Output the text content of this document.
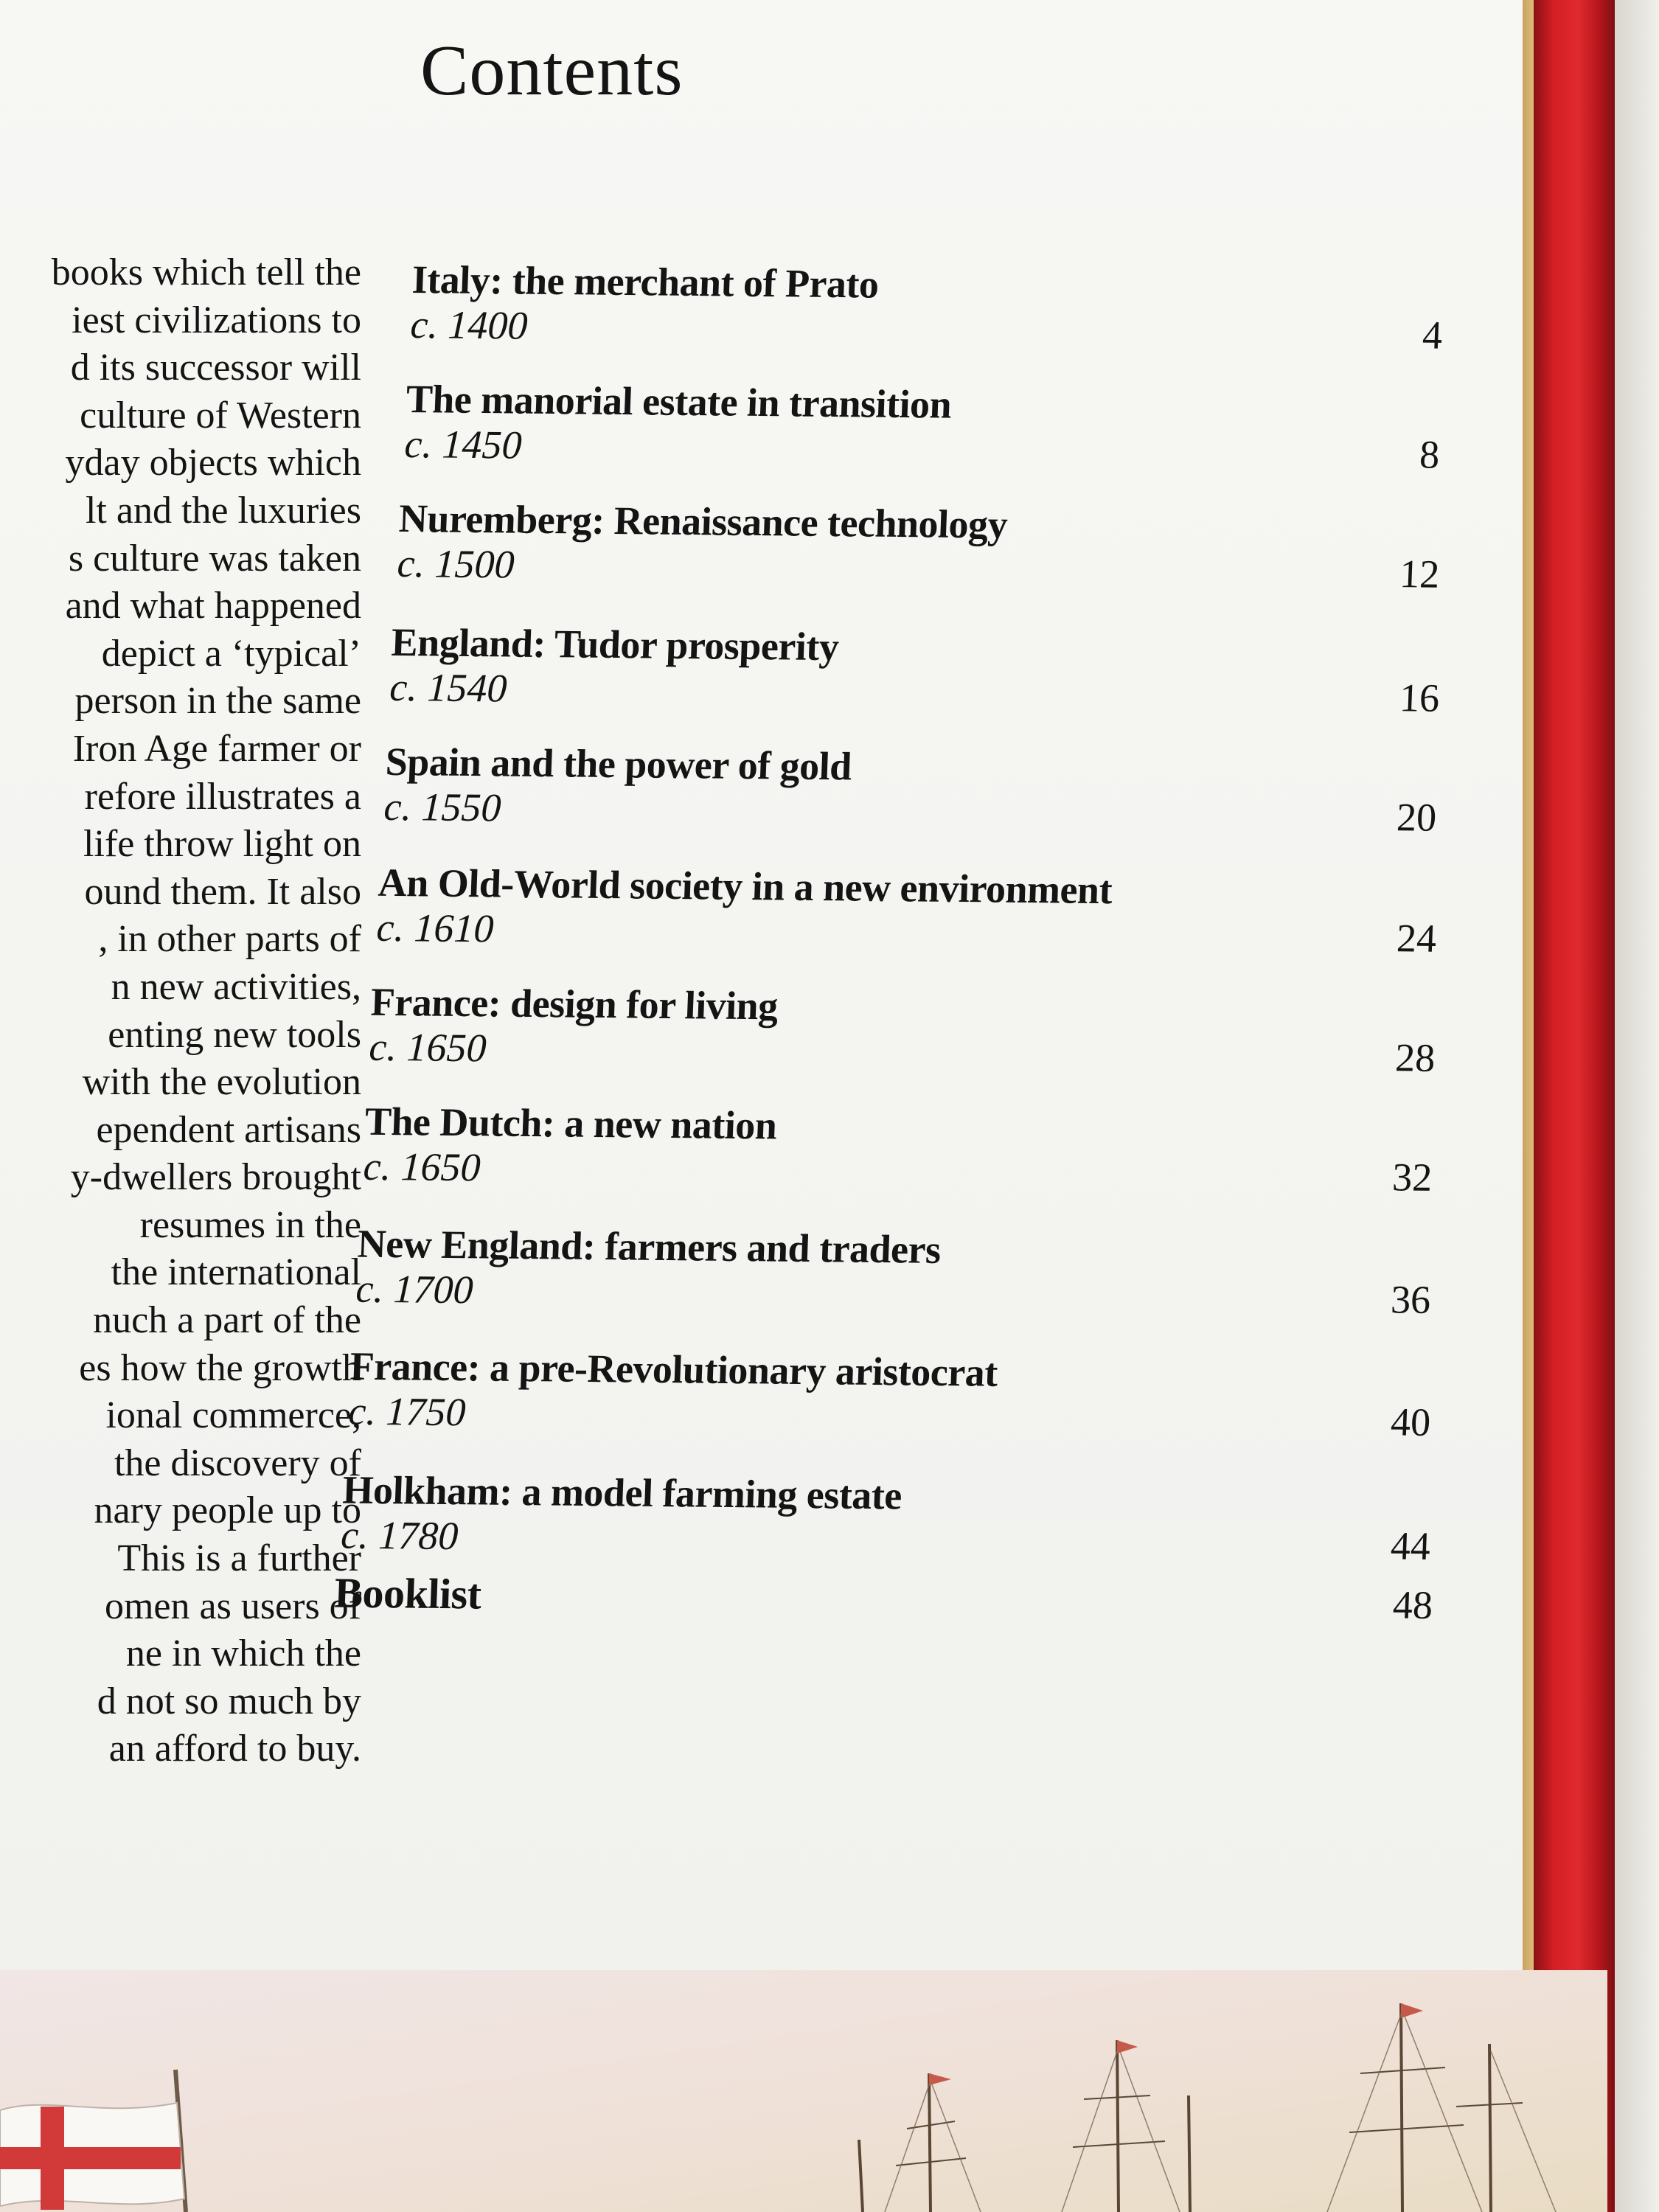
Contents

books which tell the
iest civilizations to
d its successor will
culture of Western
yday objects which
lt and the luxuries
s culture was taken
and what happened
depict a ‘typical’
person in the same
Iron Age farmer or
refore illustrates a
life throw light on
ound them. It also
, in other parts of
n new activities,
enting new tools
with the evolution
ependent artisans
y-dwellers brought
resumes in the
the international
nuch a part of the
es how the growth
ional commerce,
the discovery of
nary people up to
This is a further
omen as users of
ne in which the
d not so much by
an afford to buy.

Italy: the merchant of Prato
c. 1400	4
The manorial estate in transition
c. 1450	8
Nuremberg: Renaissance technology
c. 1500	12
England: Tudor prosperity
c. 1540	16
Spain and the power of gold
c. 1550	20
An Old-World society in a new environment
c. 1610	24
France: design for living
c. 1650	28
The Dutch: a new nation
c. 1650	32
New England: farmers and traders
c. 1700	36
France: a pre-Revolutionary aristocrat
c. 1750	40
Holkham: a model farming estate
c. 1780	44
Booklist	48
